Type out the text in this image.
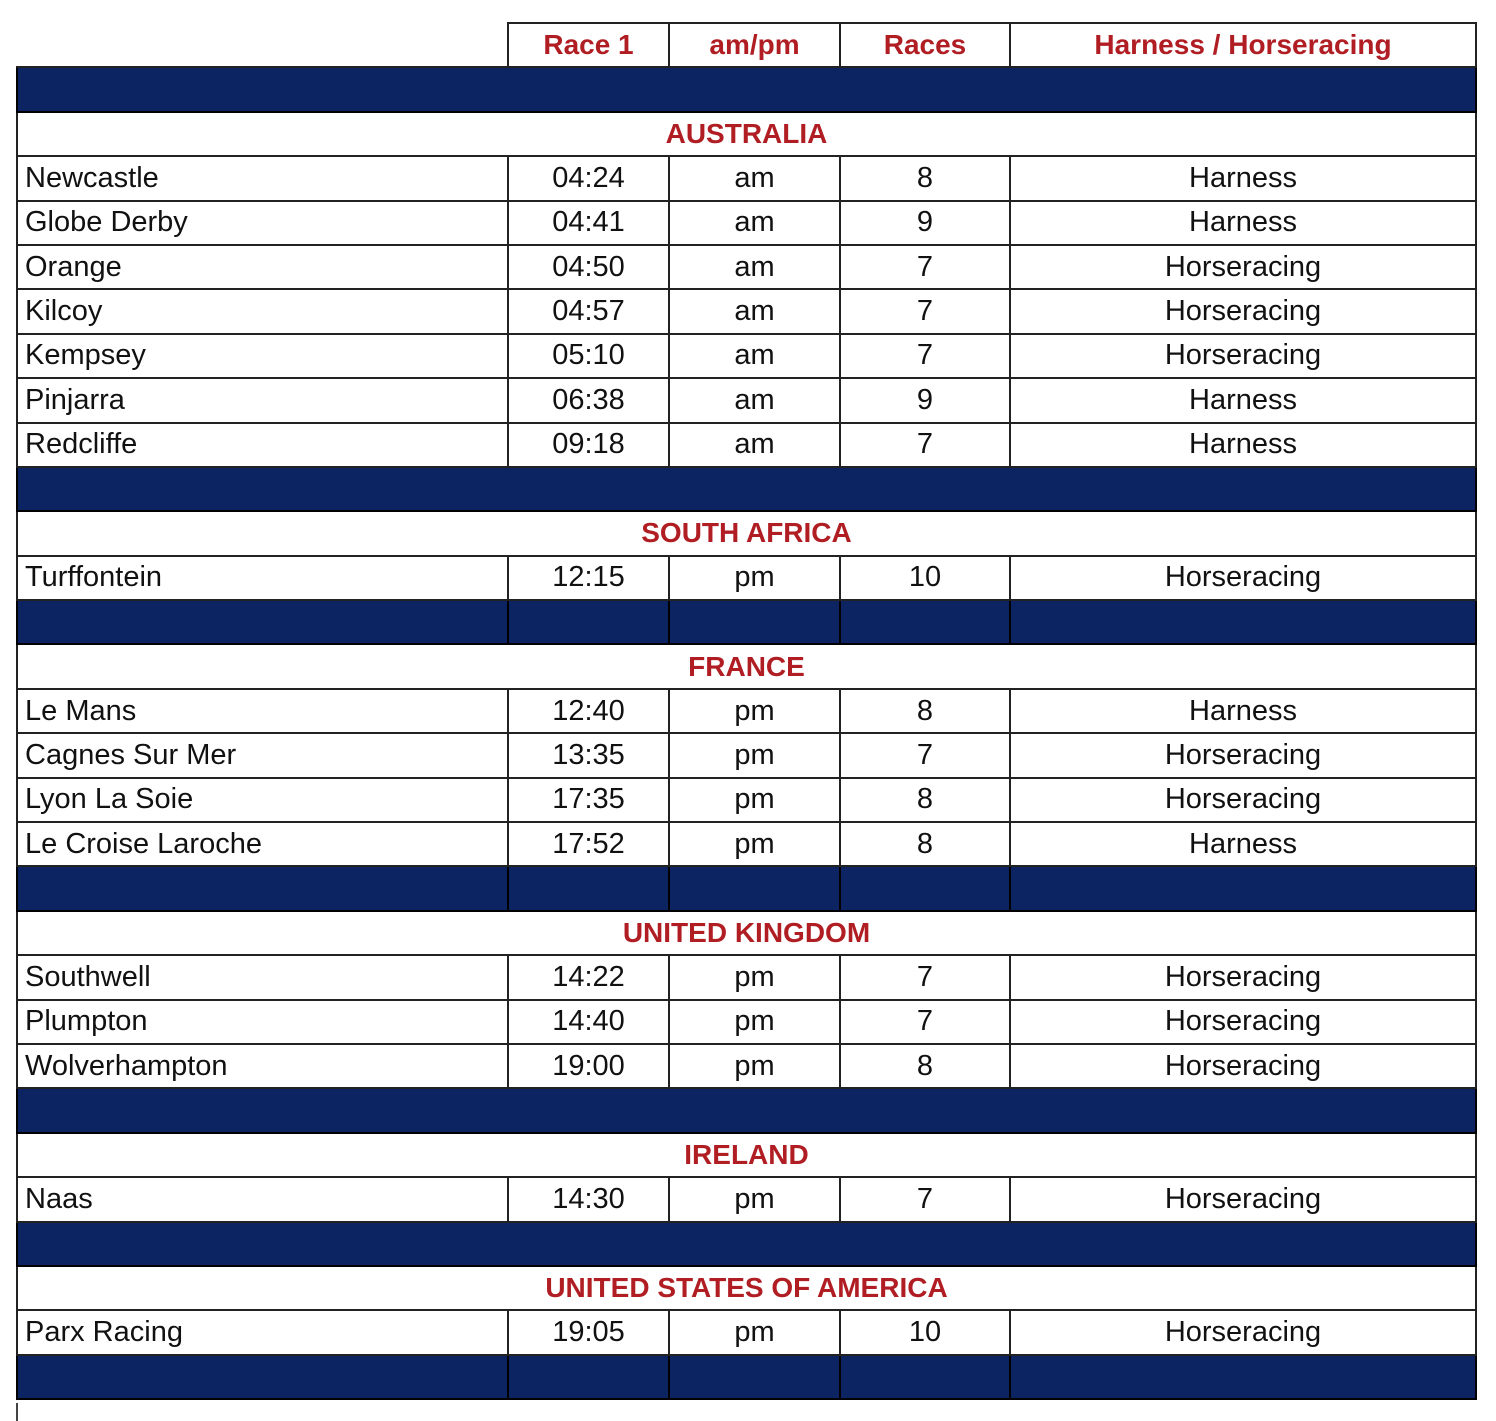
	Race 1	am/pm	Races	Harness / Horseracing

AUSTRALIA				
Newcastle	04:24	am	8	Harness
Globe Derby	04:41	am	9	Harness
Orange	04:50	am	7	Horseracing
Kilcoy	04:57	am	7	Horseracing
Kempsey	05:10	am	7	Horseracing
Pinjarra	06:38	am	9	Harness
Redcliffe	09:18	am	7	Harness

SOUTH AFRICA				
Turffontein	12:15	pm	10	Horseracing

FRANCE				
Le Mans	12:40	pm	8	Harness
Cagnes Sur Mer	13:35	pm	7	Horseracing
Lyon La Soie	17:35	pm	8	Horseracing
Le Croise Laroche	17:52	pm	8	Harness

UNITED KINGDOM				
Southwell	14:22	pm	7	Horseracing
Plumpton	14:40	pm	7	Horseracing
Wolverhampton	19:00	pm	8	Horseracing

IRELAND				
Naas	14:30	pm	7	Horseracing

UNITED STATES OF AMERICA				
Parx Racing	19:05	pm	10	Horseracing
